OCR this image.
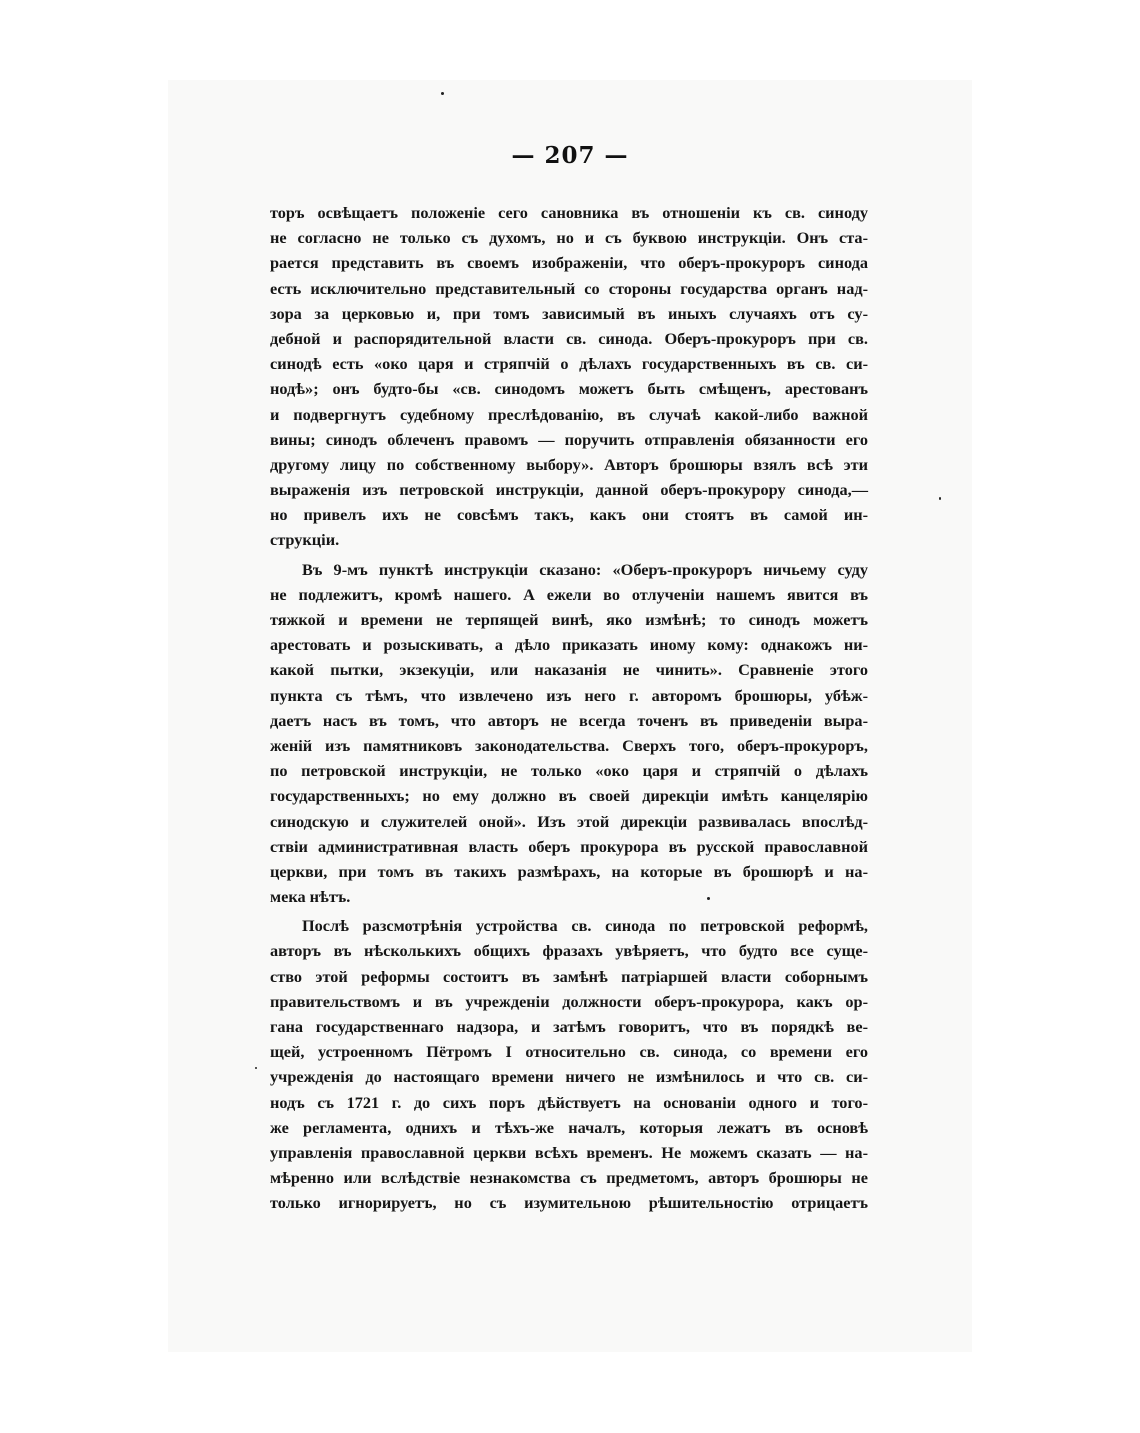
— 207 —
торъ освѣщаетъ положеніе сего сановника въ отношеніи къ св. синоду
не согласно не только съ духомъ, но и съ буквою инструкціи. Онъ ста-
рается представить въ своемъ изображеніи, что оберъ-прокуроръ синода
есть исключительно представительный со стороны государства органъ над-
зора за церковью и, при томъ зависимый въ иныхъ случаяхъ отъ су-
дебной и распорядительной власти св. синода. Оберъ-прокуроръ при св.
синодѣ есть «око царя и стряпчій о дѣлахъ государственныхъ въ св. си-
нодѣ»; онъ будто-бы «св. синодомъ можетъ быть смѣщенъ, арестованъ
и подвергнутъ судебному преслѣдованію, въ случаѣ какой-либо важной
вины; синодъ облеченъ правомъ — поручить отправленія обязанности его
другому лицу по собственному выбору». Авторъ брошюры взялъ всѣ эти
выраженія изъ петровской инструкціи, данной оберъ-прокурору синода,—
но привелъ ихъ не совсѣмъ такъ, какъ они стоятъ въ самой ин-
струкціи.
Въ 9-мъ пунктѣ инструкціи сказано: «Оберъ-прокуроръ ничьему суду
не подлежитъ, кромѣ нашего. А ежели во отлученіи нашемъ явится въ
тяжкой и времени не терпящей винѣ, яко измѣнѣ; то синодъ можетъ
арестовать и розыскивать, а дѣло приказать иному кому: однакожъ ни-
какой пытки, экзекуціи, или наказанія не чинить». Сравненіе этого
пункта съ тѣмъ, что извлечено изъ него г. авторомъ брошюры, убѣж-
даетъ насъ въ томъ, что авторъ не всегда точенъ въ приведеніи выра-
женій изъ памятниковъ законодательства. Сверхъ того, оберъ-прокуроръ,
по петровской инструкціи, не только «око царя и стряпчій о дѣлахъ
государственныхъ; но ему должно въ своей дирекціи имѣть канцелярію
синодскую и служителей оной». Изъ этой дирекціи развивалась впослѣд-
ствіи административная власть оберъ прокурора въ русской православной
церкви, при томъ въ такихъ размѣрахъ, на которые въ брошюрѣ и на-
мека нѣтъ.
Послѣ разсмотрѣнія устройства св. синода по петровской реформѣ,
авторъ въ нѣсколькихъ общихъ фразахъ увѣряетъ, что будто все суще-
ство этой реформы состоитъ въ замѣнѣ патріаршей власти соборнымъ
правительствомъ и въ учрежденіи должности оберъ-прокурора, какъ ор-
гана государственнаго надзора, и затѣмъ говоритъ, что въ порядкѣ ве-
щей, устроенномъ Пётромъ I относительно св. синода, со времени его
учрежденія до настоящаго времени ничего не измѣнилось и что св. си-
нодъ съ 1721 г. до сихъ поръ дѣйствуетъ на основаніи одного и того-
же регламента, однихъ и тѣхъ-же началъ, которыя лежатъ въ основѣ
управленія православной церкви всѣхъ временъ. Не можемъ сказать — на-
мѣренно или вслѣдствіе незнакомства съ предметомъ, авторъ брошюры не
только игнорируетъ, но съ изумительною рѣшительностію отрицаетъ
